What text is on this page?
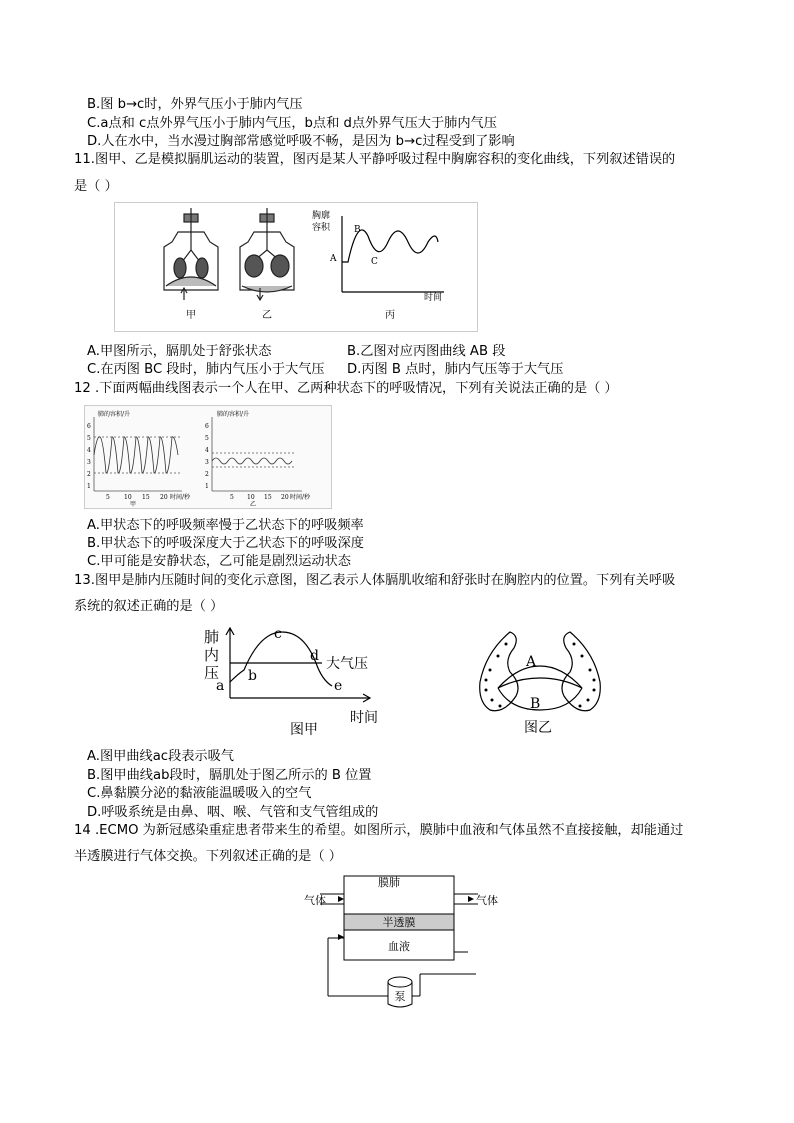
B.图 b→c时，外界气压小于肺内气压
C.a点和 c点外界气压小于肺内气压，b点和 d点外界气压大于肺内气压
D.人在水中，当水漫过胸部常感觉呼吸不畅，是因为 b→c过程受到了影响
11.图甲、乙是模拟膈肌运动的装置，图丙是某人平静呼吸过程中胸廓容积的变化曲线，下列叙述错误的
是（ ）
甲	乙
胸廓
容积
A
B
C
时间
丙
A.甲图所示，膈肌处于舒张状态	B.乙图对应丙图曲线 AB 段
C.在丙图 BC 段时，肺内气压小于大气压 D.丙图 B 点时，肺内气压等于大气压
12 .下面两幅曲线图表示一个人在甲、乙两种状态下的呼吸情况，下列有关说法正确的是（ ）
肺的容积/升
6
5
4
3
2
1
5 10 15 20 时间/秒
甲
肺的容积/升
6
5
4
3
2
1
5 10 15 20 时间/秒
乙
A.甲状态下的呼吸频率慢于乙状态下的呼吸频率
B.甲状态下的呼吸深度大于乙状态下的呼吸深度
C.甲可能是安静状态，乙可能是剧烈运动状态
13.图甲是肺内压随时间的变化示意图，图乙表示人体膈肌收缩和舒张时在胸腔内的位置。下列有关呼吸
系统的叙述正确的是（ ）
肺
内
压
a
b
c
d 大气压
e
时间
图甲
A
B
图乙
A.图甲曲线ac段表示吸气
B.图甲曲线ab段时，膈肌处于图乙所示的 B 位置
C.鼻黏膜分泌的黏液能温暖吸入的空气
D.呼吸系统是由鼻、咽、喉、气管和支气管组成的
14 .ECMO 为新冠感染重症患者带来生的希望。如图所示，膜肺中血液和气体虽然不直接接触，却能通过
半透膜进行气体交换。下列叙述正确的是（ ）
膜肺
气体	气体
半透膜
血液
泵
